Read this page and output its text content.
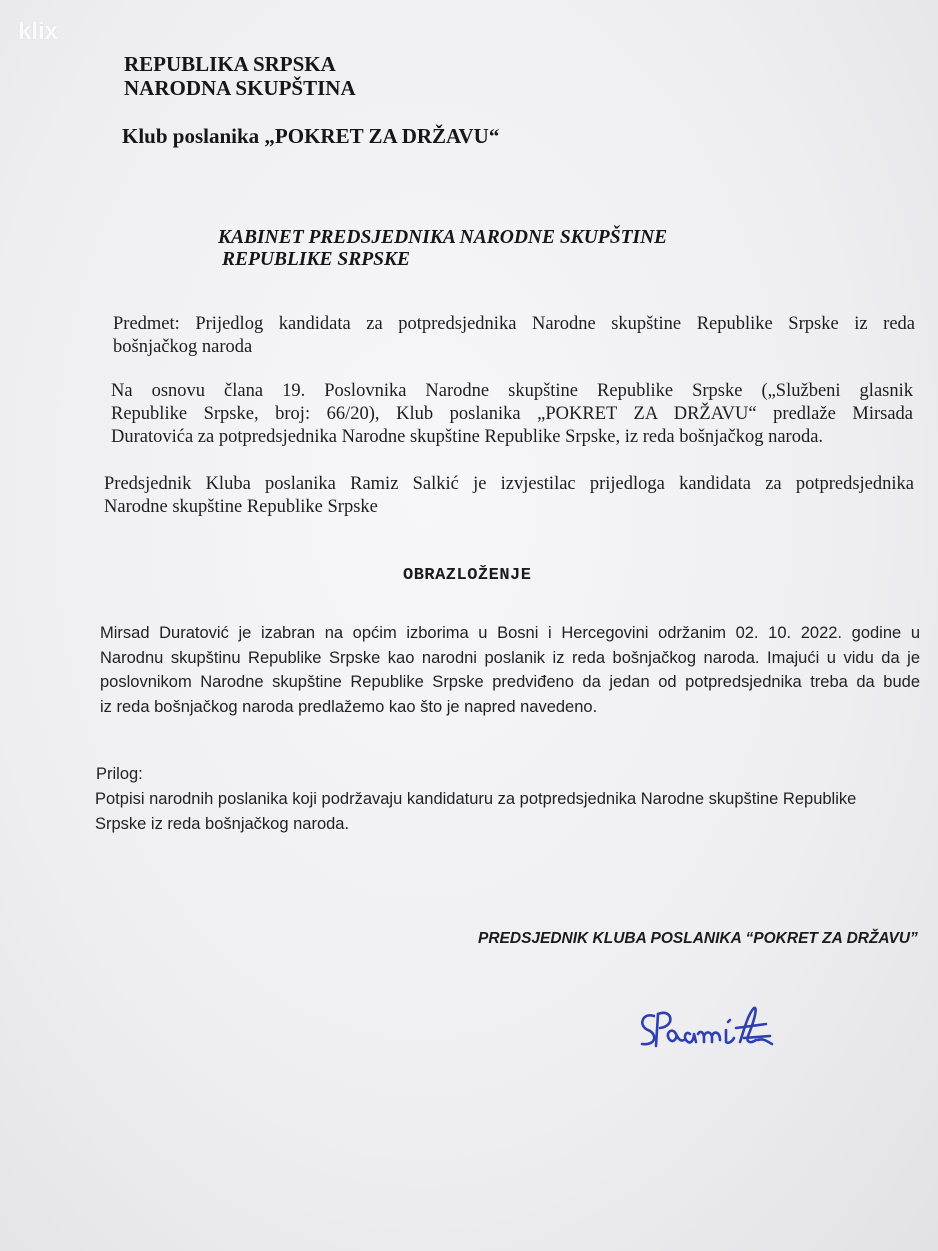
klix
REPUBLIKA SRPSKA
NARODNA SKUPŠTINA
Klub poslanika „POKRET ZA DRŽAVU“
KABINET PREDSJEDNIKA NARODNE SKUPŠTINE
REPUBLIKE SRPSKE
Predmet: Prijedlog kandidata za potpredsjednika Narodne skupštine Republike Srpske iz reda
bošnjačkog naroda
Na osnovu člana 19. Poslovnika Narodne skupštine Republike Srpske („Službeni glasnik
Republike Srpske, broj: 66/20), Klub poslanika „POKRET ZA DRŽAVU“ predlaže Mirsada
Duratovića za potpredsjednika Narodne skupštine Republike Srpske, iz reda bošnjačkog naroda.
Predsjednik Kluba poslanika Ramiz Salkić je izvjestilac prijedloga kandidata za potpredsjednika
Narodne skupštine Republike Srpske
OBRAZLOŽENJE
Mirsad Duratović je izabran na općim izborima u Bosni i Hercegovini održanim 02. 10. 2022. godine u
Narodnu skupštinu Republike Srpske kao narodni poslanik iz reda bošnjačkog naroda. Imajući u vidu da je
poslovnikom Narodne skupštine Republike Srpske predviđeno da jedan od potpredsjednika treba da bude
iz reda bošnjačkog naroda predlažemo kao što je napred navedeno.
Prilog:
Potpisi narodnih poslanika koji podržavaju kandidaturu za potpredsjednika Narodne skupštine Republike
Srpske iz reda bošnjačkog naroda.
PREDSJEDNIK KLUBA POSLANIKA “POKRET ZA DRŽAVU”
